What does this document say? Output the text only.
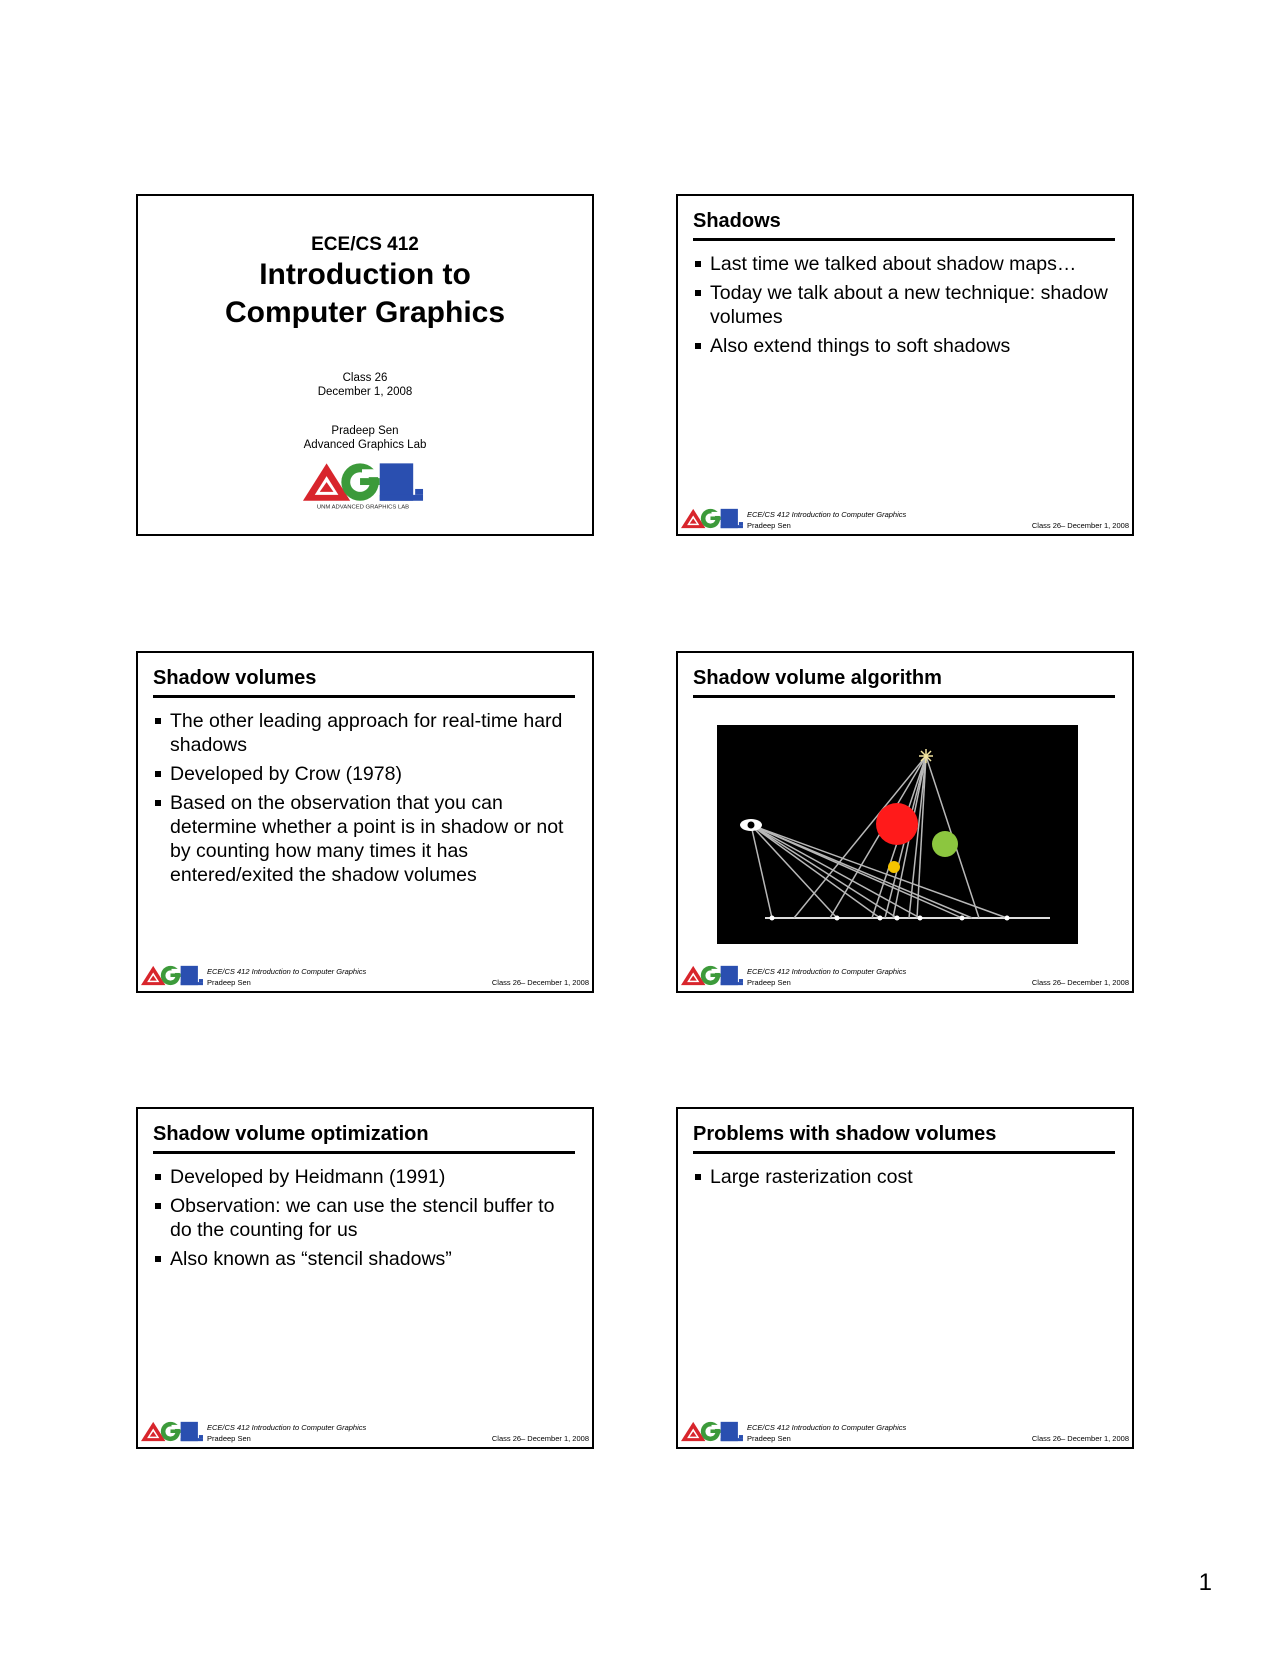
ECE/CS 412
Introduction to
Computer Graphics
Class 26
December 1, 2008
Pradeep Sen
Advanced Graphics Lab
UNM ADVANCED GRAPHICS LAB
Shadows
Last time we talked about shadow maps…
Today we talk about a new technique: shadow volumes
Also extend things to soft shadows
ECE/CS 412 Introduction to Computer Graphics
Pradeep Sen	Class 26– December 1, 2008
Shadow volumes
The other leading approach for real-time hard shadows
Developed by Crow (1978)
Based on the observation that you can determine whether a point is in shadow or not by counting how many times it has entered/exited the shadow volumes
ECE/CS 412 Introduction to Computer Graphics
Pradeep Sen	Class 26– December 1, 2008
Shadow volume algorithm
ECE/CS 412 Introduction to Computer Graphics
Pradeep Sen	Class 26– December 1, 2008
Shadow volume optimization
Developed by Heidmann (1991)
Observation: we can use the stencil buffer to do the counting for us
Also known as “stencil shadows”
ECE/CS 412 Introduction to Computer Graphics
Pradeep Sen	Class 26– December 1, 2008
Problems with shadow volumes
Large rasterization cost
ECE/CS 412 Introduction to Computer Graphics
Pradeep Sen	Class 26– December 1, 2008
1
